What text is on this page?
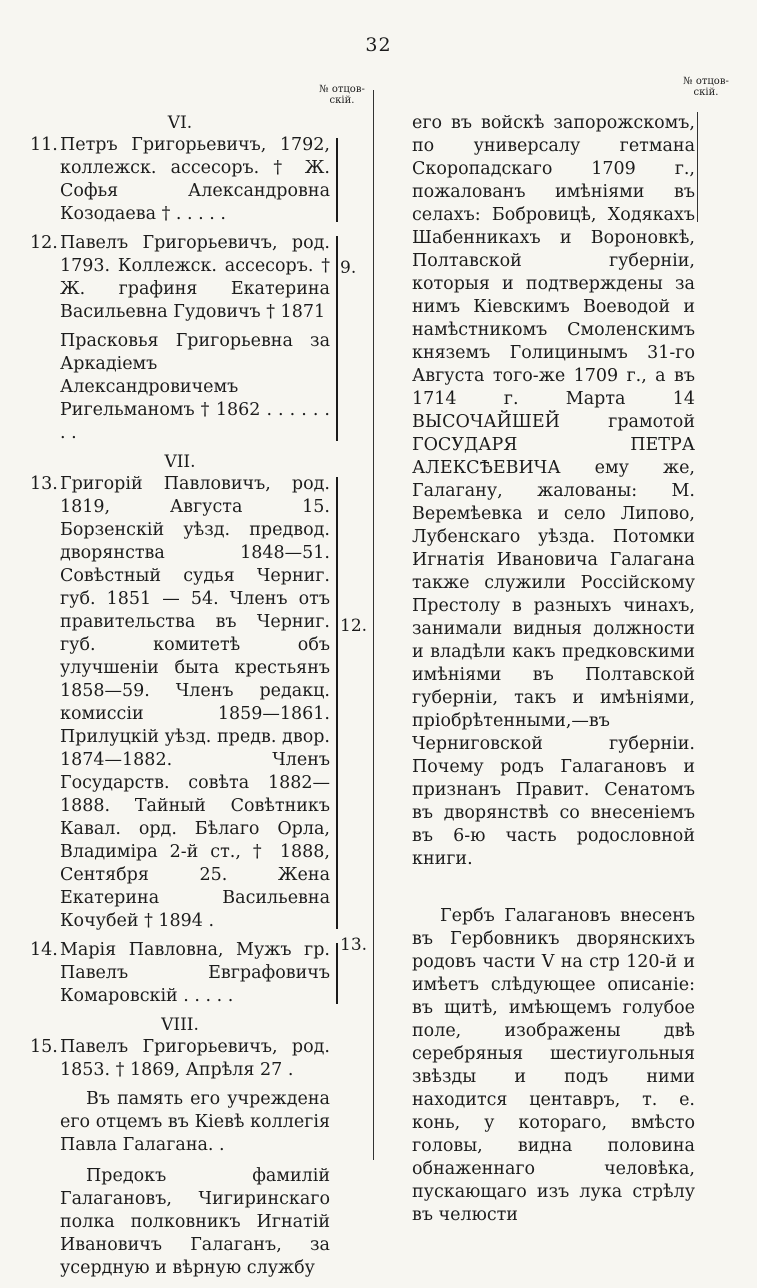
32
№ отцов-
скій.
№ отцов-
скій.
VI.
11. Петръ Григорьевичъ, 1792, коллежск. ассесоръ. † Ж. Софья Александровна Козодаева † . . . . .

12. Павелъ Григорьевичъ, род. 1793. Коллежск. ассесоръ. † Ж. графиня Екатерина Васильевна Гудовичъ † 1871

Прасковья Григорьевна за Аркадіемъ Александровичемъ Ригельманомъ † 1862 . . . . . . . .

VII.
13. Григорій Павловичъ, род. 1819, Августа 15. Борзенскій уѣзд. предвод. дворянства 1848—51. Совѣстный судья Черниг. губ. 1851 — 54. Членъ отъ правительства въ Черниг. губ. комитетѣ объ улучшеніи быта крестьянъ 1858—59. Членъ редакц. комиссіи 1859—1861. Прилуцкій уѣзд. предв. двор. 1874—1882. Членъ Государств. совѣта 1882—1888. Тайный Совѣтникъ Кавал. орд. Бѣлаго Орла, Владиміра 2-й ст., † 1888, Сентября 25. Жена Екатерина Васильевна Кочубей † 1894 .

14. Марія Павловна, Мужъ гр. Павелъ Евграфовичъ Комаровскій . . . . .

VIII.
15. Павелъ Григорьевичъ, род. 1853. † 1869, Апрѣля 27 .

Въ память его учреждена его отцемъ въ Кіевѣ коллегія Павла Галагана. .

Предокъ фамилій Галагановъ, Чигиринскаго полка полковникъ Игнатій Ивановичъ Галаганъ, за усердную и вѣрную службу

9.
12.
13.

его въ войскѣ запорожскомъ, по универсалу гетмана Скоропадскаго 1709 г., пожалованъ имѣніями въ селахъ: Бобровицѣ, Ходякахъ Шабенникахъ и Вороновкѣ, Полтавской губерніи, которыя и подтверждены за нимъ Кіевскимъ Воеводой и намѣстникомъ Смоленскимъ княземъ Голицинымъ 31-го Августа того-же 1709 г., а въ 1714 г. Марта 14 ВЫСОЧАЙШЕЙ грамотой ГОСУДАРЯ ПЕТРА АЛЕКСѢЕВИЧА ему же, Галагану, жалованы: М. Веремѣевка и село Липово, Лубенскаго уѣзда. Потомки Игнатія Ивановича Галагана также служили Россійскому Престолу в разныхъ чинахъ, занимали видныя должности и владѣли какъ предковскими имѣніями въ Полтавской губерніи, такъ и имѣніями, пріобрѣтенными,—въ Черниговской губерніи. Почему родъ Галагановъ и признанъ Правит. Сенатомъ въ дворянствѣ со внесеніемъ въ 6-ю часть родословной книги.

Гербъ Галагановъ внесенъ въ Гербовникъ дворянскихъ родовъ части V на стр 120-й и имѣетъ слѣдующее описаніе: въ щитѣ, имѣющемъ голубое поле, изображены двѣ серебряныя шестиугольныя звѣзды и подъ ними находится центавръ, т. е. конь, у котораго, вмѣсто головы, видна половина обнаженнаго человѣка, пускающаго изъ лука стрѣлу въ челюсти
